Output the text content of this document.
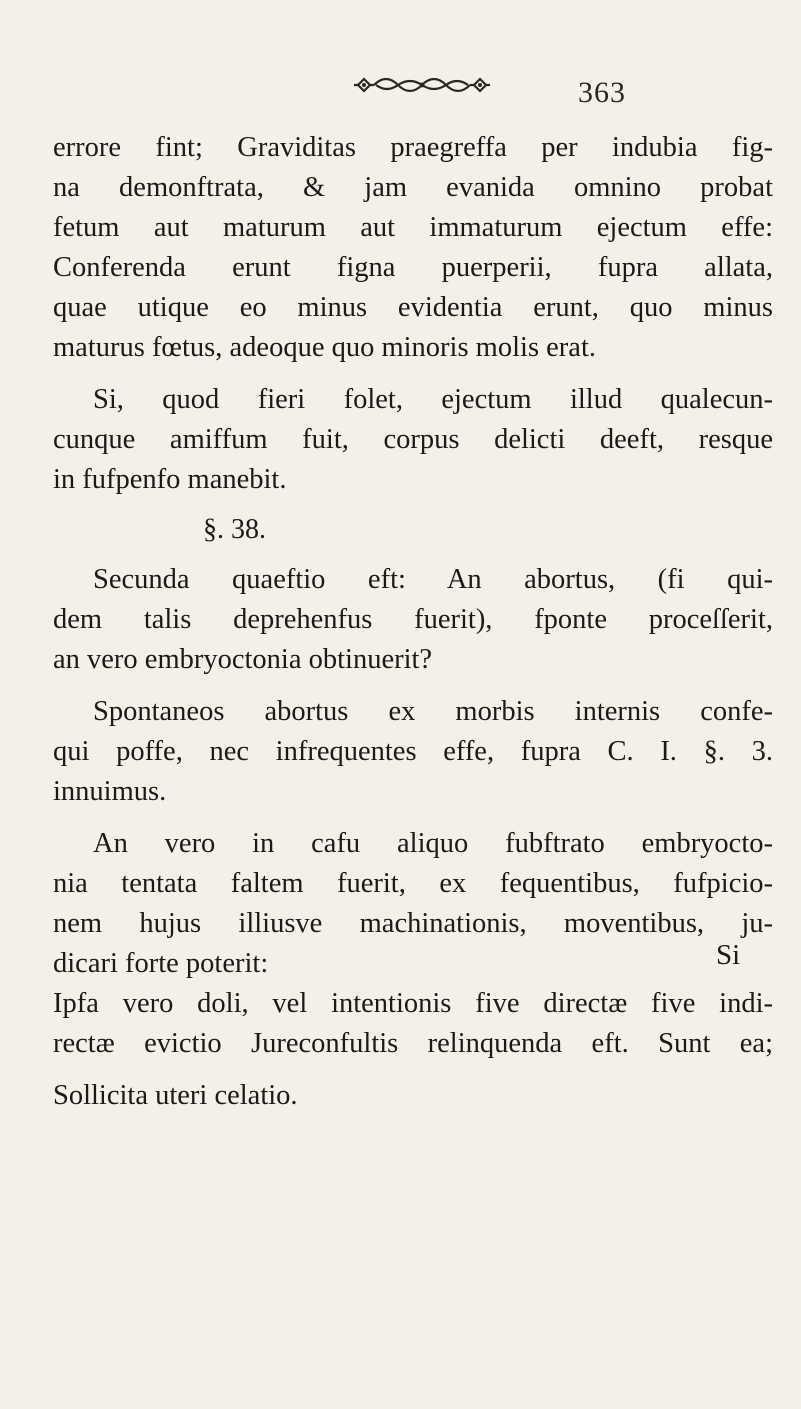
363
errore fint; Graviditas praegreffa per indubia fig-
na demonftrata, & jam evanida omnino probat
fetum aut maturum aut immaturum ejectum effe:
Conferenda erunt figna puerperii, fupra allata,
quae utique eo minus evidentia erunt, quo minus
maturus fœtus, adeoque quo minoris molis erat.
Si, quod fieri folet, ejectum illud qualecun-
cunque amiffum fuit, corpus delicti deeft, resque
in fufpenfo manebit.
§. 38.
Secunda quaeftio eft: An abortus, (fi qui-
dem talis deprehenfus fuerit), fponte proceſſerit,
an vero embryoctonia obtinuerit?
Spontaneos abortus ex morbis internis confe-
qui poffe, nec infrequentes effe, fupra C. I. §. 3.
innuimus.
An vero in cafu aliquo fubftrato embryocto-
nia tentata faltem fuerit, ex fequentibus, fufpicio-
nem hujus illiusve machinationis, moventibus, ju-
dicari forte poterit:
Ipfa vero doli, vel intentionis five directæ five indi-
rectæ evictio Jureconfultis relinquenda eft. Sunt ea;
Sollicita uteri celatio.
Si
